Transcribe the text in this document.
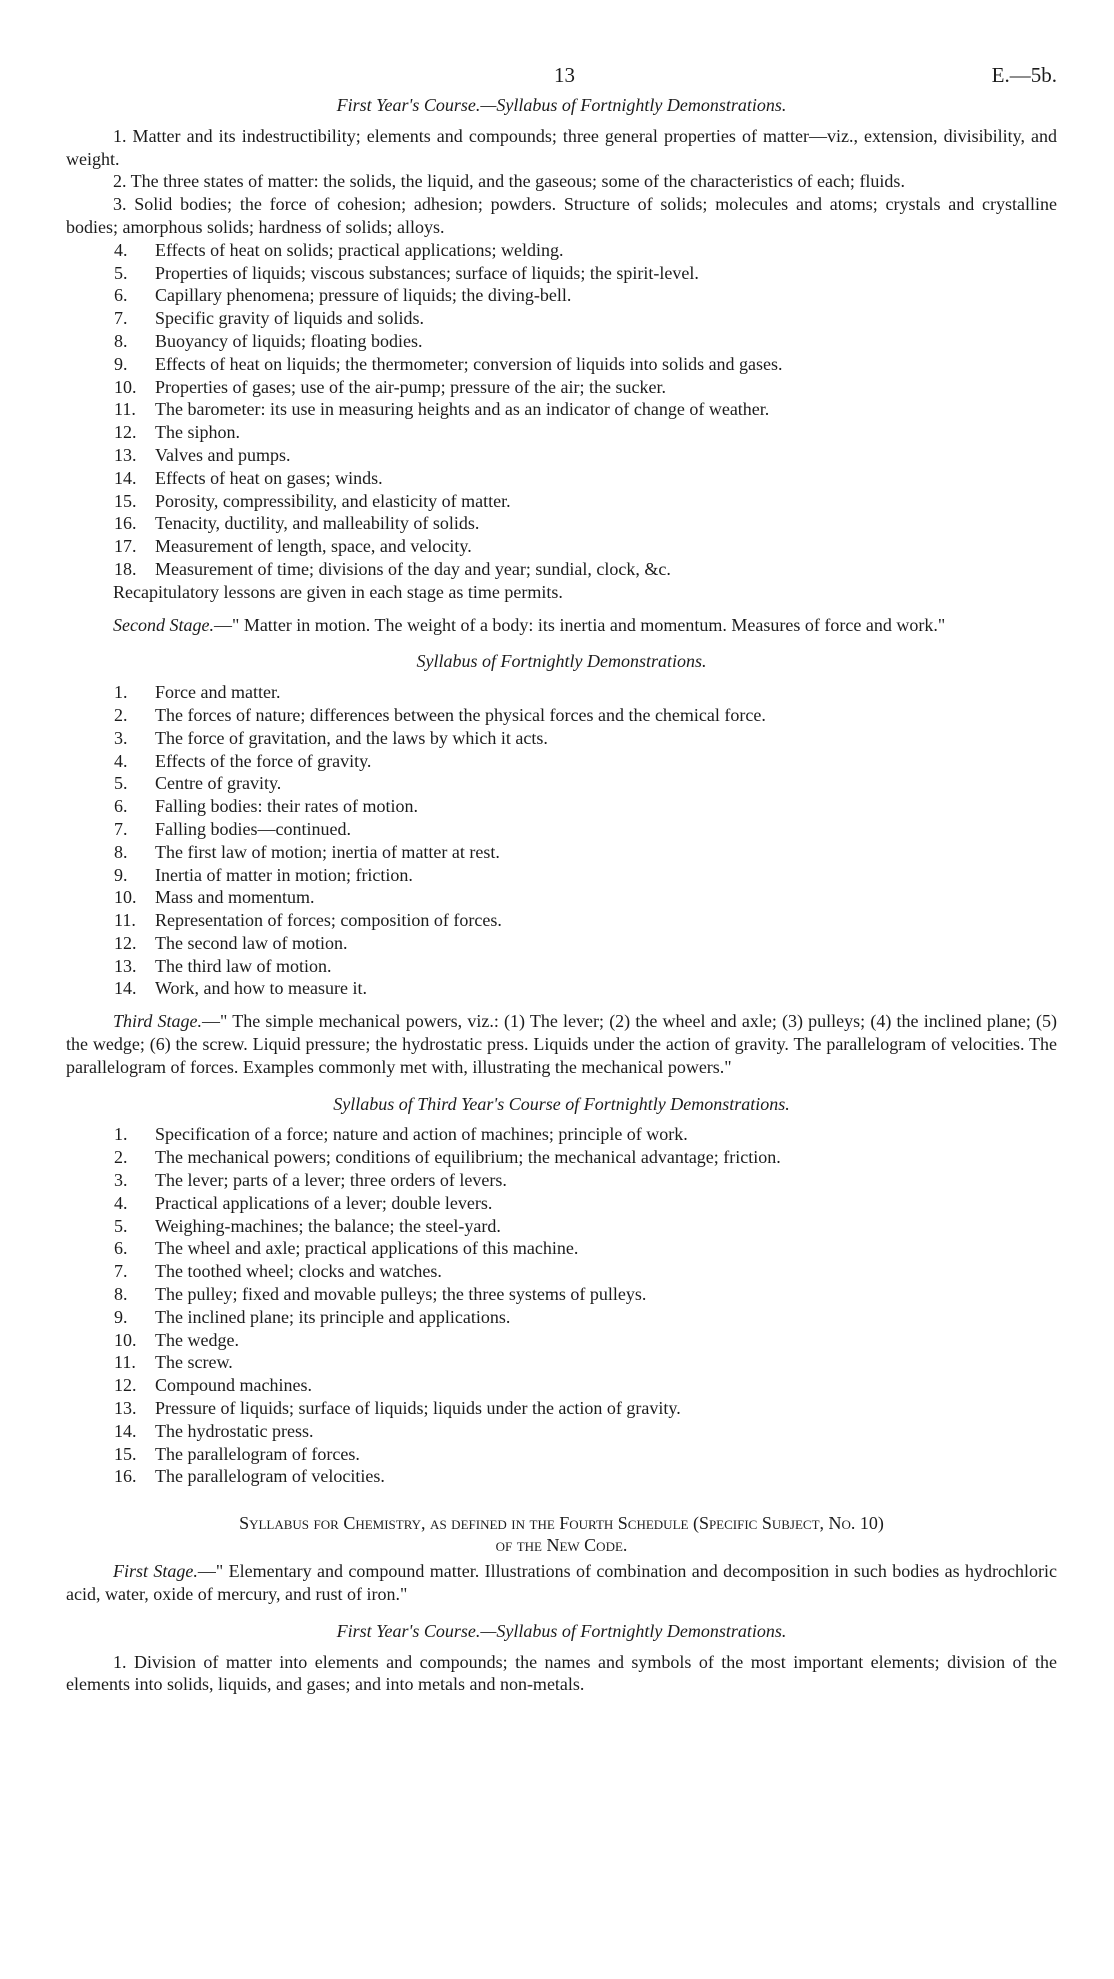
13	E.—5b.
First Year's Course.—Syllabus of Fortnightly Demonstrations.

1. Matter and its indestructibility; elements and compounds; three general properties of matter—viz., extension, divisibility, and weight.

2. The three states of matter: the solids, the liquid, and the gaseous; some of the characteristics of each; fluids.

3. Solid bodies; the force of cohesion; adhesion; powders. Structure of solids; molecules and atoms; crystals and crystalline bodies; amorphous solids; hardness of solids; alloys.

4.	Effects of heat on solids; practical applications; welding.
5.	Properties of liquids; viscous substances; surface of liquids; the spirit-level.
6.	Capillary phenomena; pressure of liquids; the diving-bell.
7.	Specific gravity of liquids and solids.
8.	Buoyancy of liquids; floating bodies.
9.	Effects of heat on liquids; the thermometer; conversion of liquids into solids and gases.
10.	Properties of gases; use of the air-pump; pressure of the air; the sucker.
11.	The barometer: its use in measuring heights and as an indicator of change of weather.
12.	The siphon.
13.	Valves and pumps.
14.	Effects of heat on gases; winds.
15.	Porosity, compressibility, and elasticity of matter.
16.	Tenacity, ductility, and malleability of solids.
17.	Measurement of length, space, and velocity.
18.	Measurement of time; divisions of the day and year; sundial, clock, &c.

Recapitulatory lessons are given in each stage as time permits.

Second Stage.—" Matter in motion. The weight of a body: its inertia and momentum. Measures of force and work."

Syllabus of Fortnightly Demonstrations.
1.	Force and matter.
2.	The forces of nature; differences between the physical forces and the chemical force.
3.	The force of gravitation, and the laws by which it acts.
4.	Effects of the force of gravity.
5.	Centre of gravity.
6.	Falling bodies: their rates of motion.
7.	Falling bodies—continued.
8.	The first law of motion; inertia of matter at rest.
9.	Inertia of matter in motion; friction.
10.	Mass and momentum.
11.	Representation of forces; composition of forces.
12.	The second law of motion.
13.	The third law of motion.
14.	Work, and how to measure it.

Third Stage.—" The simple mechanical powers, viz.: (1) The lever; (2) the wheel and axle; (3) pulleys; (4) the inclined plane; (5) the wedge; (6) the screw. Liquid pressure; the hydrostatic press. Liquids under the action of gravity. The parallelogram of velocities. The parallelogram of forces. Examples commonly met with, illustrating the mechanical powers."

Syllabus of Third Year's Course of Fortnightly Demonstrations.
1.	Specification of a force; nature and action of machines; principle of work.
2.	The mechanical powers; conditions of equilibrium; the mechanical advantage; friction.
3.	The lever; parts of a lever; three orders of levers.
4.	Practical applications of a lever; double levers.
5.	Weighing-machines; the balance; the steel-yard.
6.	The wheel and axle; practical applications of this machine.
7.	The toothed wheel; clocks and watches.
8.	The pulley; fixed and movable pulleys; the three systems of pulleys.
9.	The inclined plane; its principle and applications.
10.	The wedge.
11.	The screw.
12.	Compound machines.
13.	Pressure of liquids; surface of liquids; liquids under the action of gravity.
14.	The hydrostatic press.
15.	The parallelogram of forces.
16.	The parallelogram of velocities.
Syllabus for Chemistry, as defined in the Fourth Schedule (Specific Subject, No. 10)
of the New Code.

First Stage.—" Elementary and compound matter. Illustrations of combination and decomposition in such bodies as hydrochloric acid, water, oxide of mercury, and rust of iron."

First Year's Course.—Syllabus of Fortnightly Demonstrations.

1. Division of matter into elements and compounds; the names and symbols of the most important elements; division of the elements into solids, liquids, and gases; and into metals and non-metals.
